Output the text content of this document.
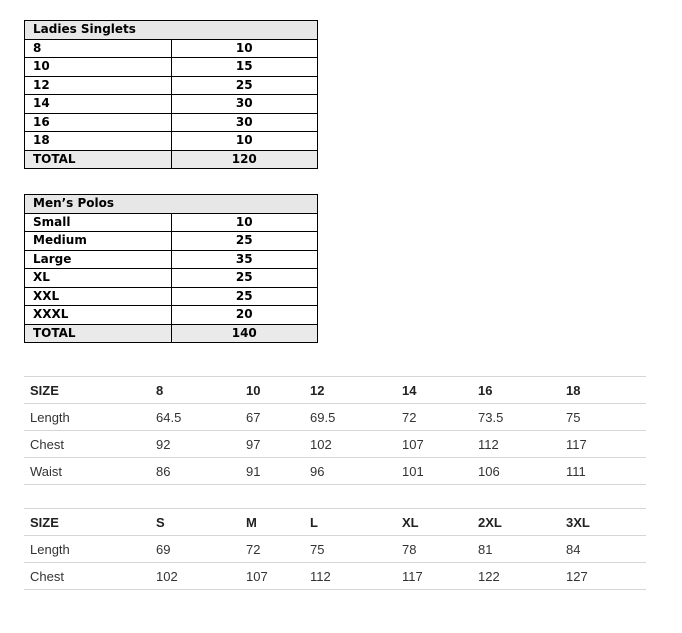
Ladies Singlets	
8	10
10	15
12	25
14	30
16	30
18	10
TOTAL	120
Men’s Polos	
Small	10
Medium	25
Large	35
XL	25
XXL	25
XXXL	20
TOTAL	140
SIZE	8	10	12	14	16	18
Length	64.5	67	69.5	72	73.5	75
Chest	92	97	102	107	112	117
Waist	86	91	96	101	106	111
SIZE	S	M	L	XL	2XL	3XL
Length	69	72	75	78	81	84
Chest	102	107	112	117	122	127
